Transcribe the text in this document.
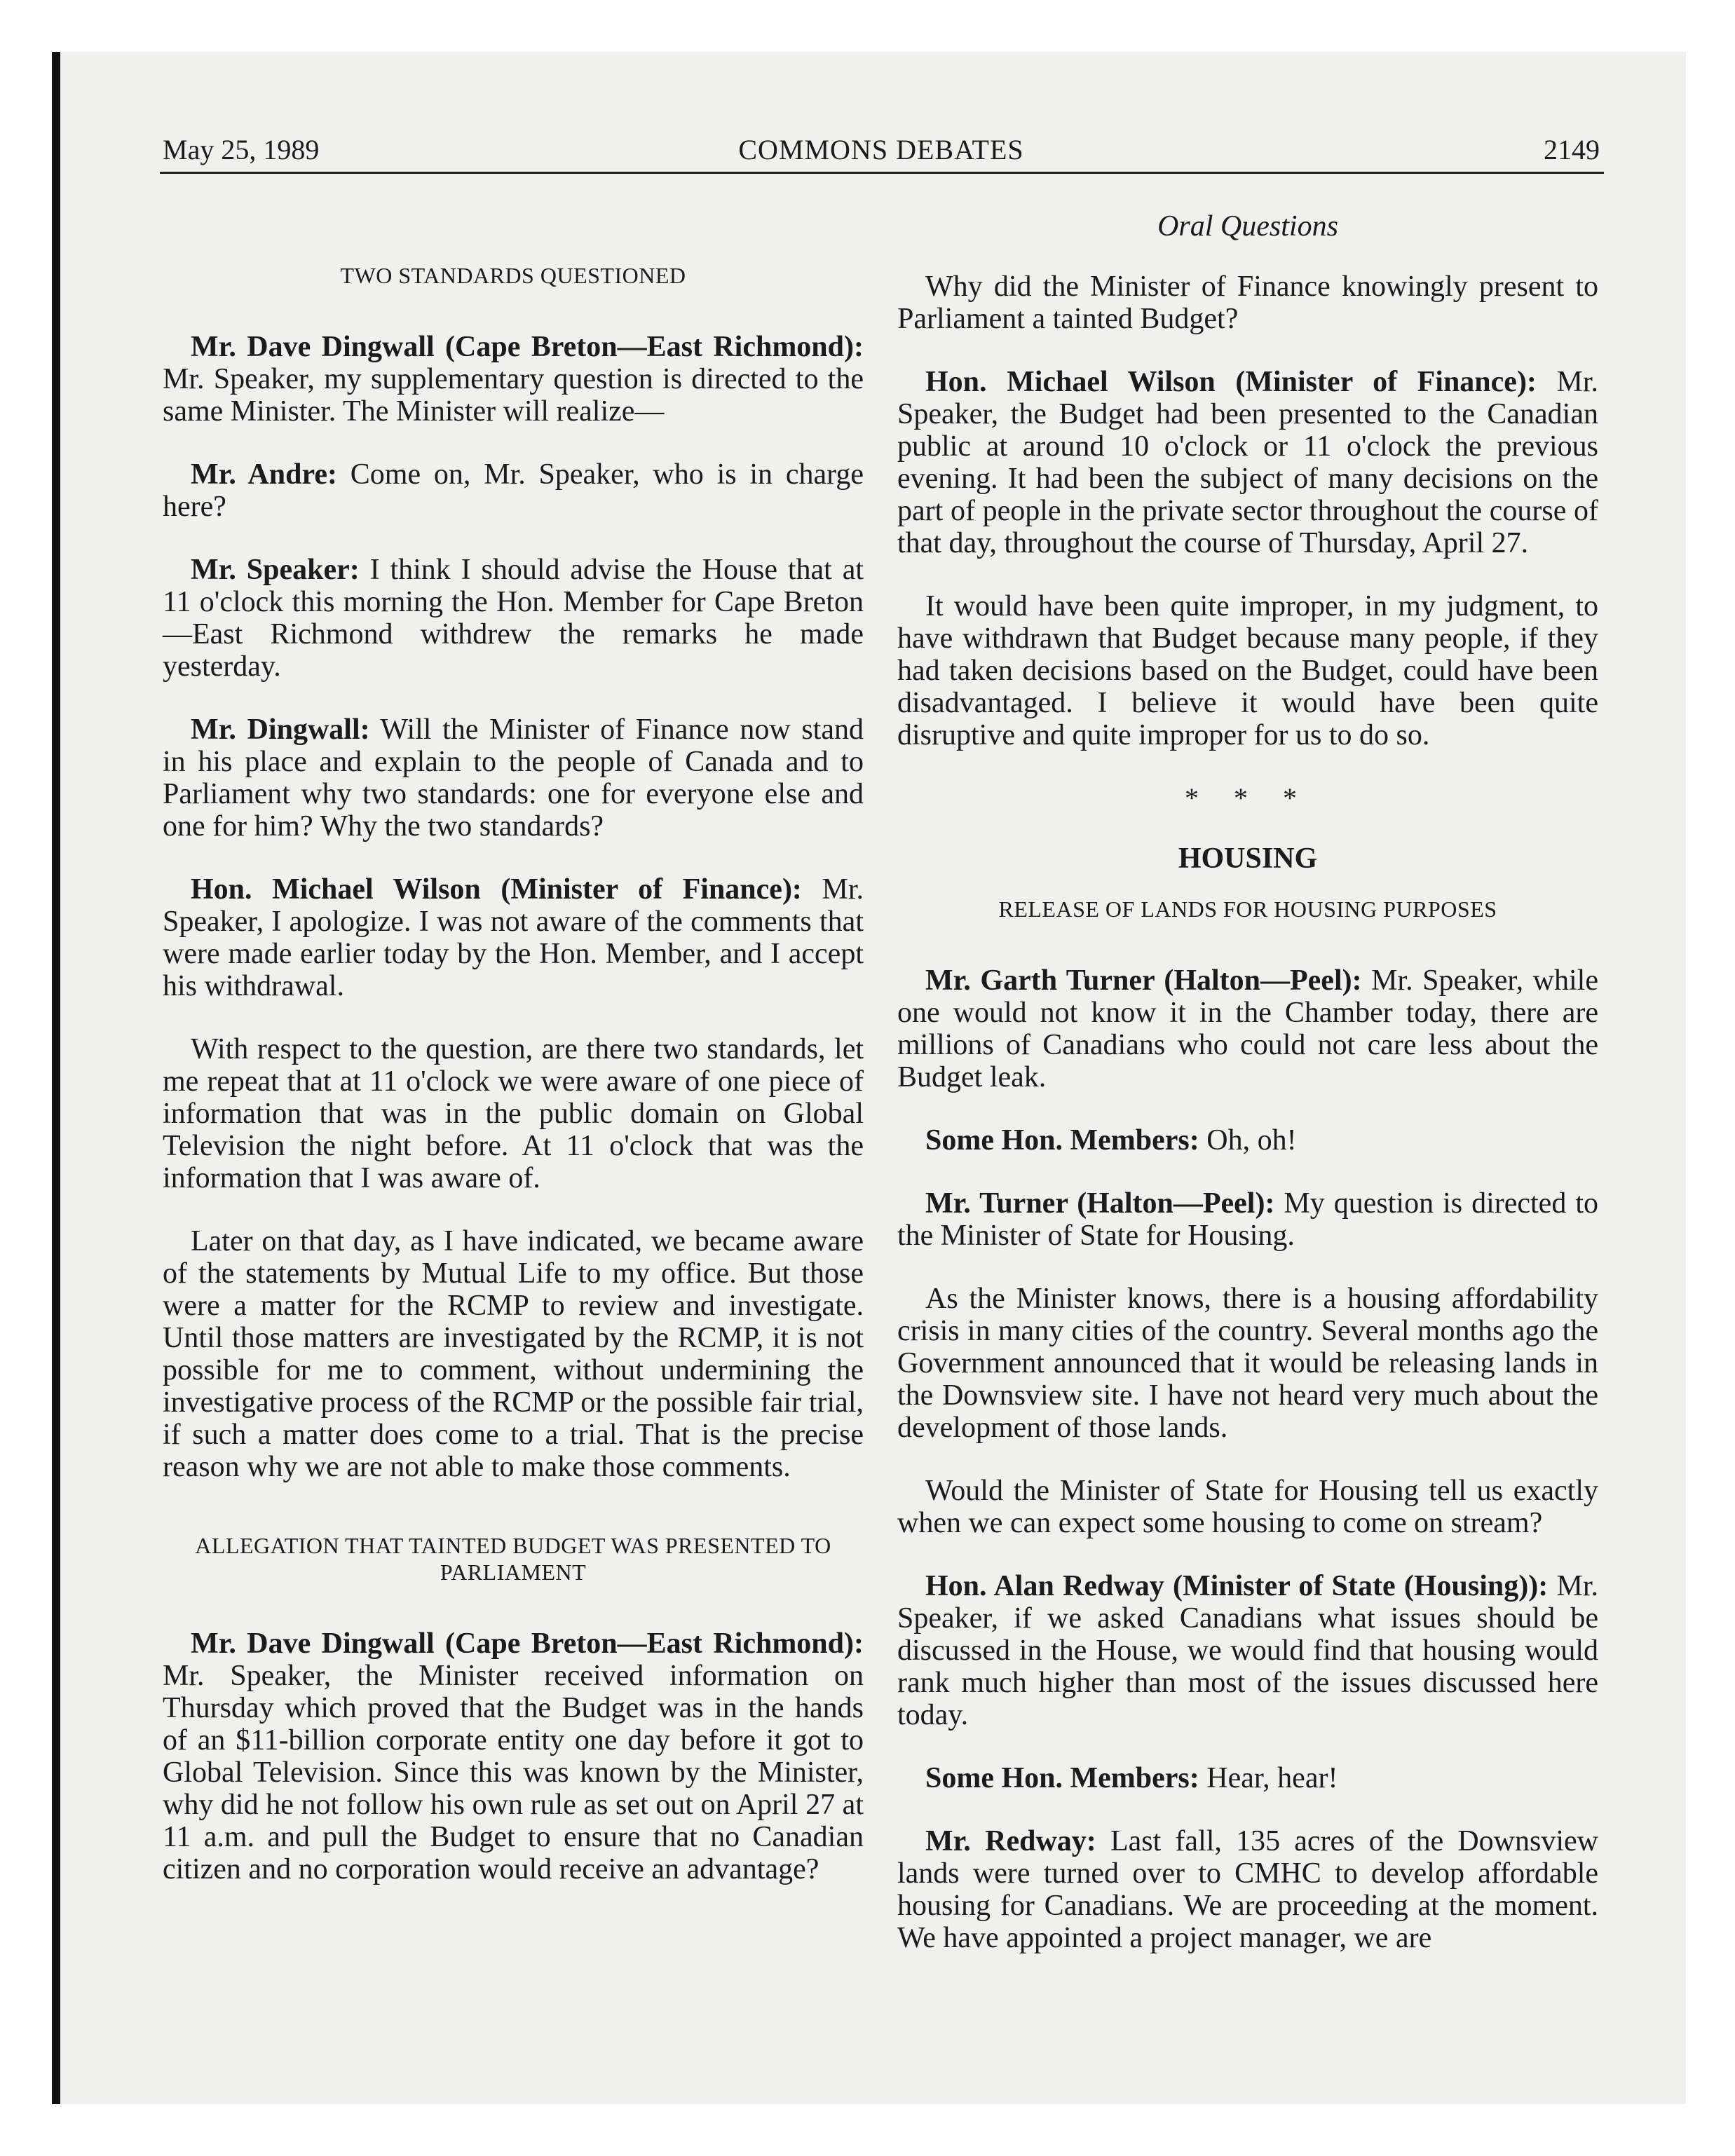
May 25, 1989	COMMONS DEBATES	2149
TWO STANDARDS QUESTIONED

Mr. Dave Dingwall (Cape Breton—East Richmond): Mr. Speaker, my supplementary question is directed to the same Minister. The Minister will realize—

Mr. Andre: Come on, Mr. Speaker, who is in charge here?

Mr. Speaker: I think I should advise the House that at 11 o'clock this morning the Hon. Member for Cape Breton—East Richmond withdrew the remarks he made yesterday.

Mr. Dingwall: Will the Minister of Finance now stand in his place and explain to the people of Canada and to Parliament why two standards: one for everyone else and one for him? Why the two standards?

Hon. Michael Wilson (Minister of Finance): Mr. Speaker, I apologize. I was not aware of the comments that were made earlier today by the Hon. Member, and I accept his withdrawal.

With respect to the question, are there two standards, let me repeat that at 11 o'clock we were aware of one piece of information that was in the public domain on Global Television the night before. At 11 o'clock that was the information that I was aware of.

Later on that day, as I have indicated, we became aware of the statements by Mutual Life to my office. But those were a matter for the RCMP to review and investigate. Until those matters are investigated by the RCMP, it is not possible for me to comment, without undermining the investigative process of the RCMP or the possible fair trial, if such a matter does come to a trial. That is the precise reason why we are not able to make those comments.

ALLEGATION THAT TAINTED BUDGET WAS PRESENTED TO PARLIAMENT

Mr. Dave Dingwall (Cape Breton—East Richmond): Mr. Speaker, the Minister received information on Thursday which proved that the Budget was in the hands of an $11-billion corporate entity one day before it got to Global Television. Since this was known by the Minister, why did he not follow his own rule as set out on April 27 at 11 a.m. and pull the Budget to ensure that no Canadian citizen and no corporation would receive an advantage?

Oral Questions

Why did the Minister of Finance knowingly present to Parliament a tainted Budget?

Hon. Michael Wilson (Minister of Finance): Mr. Speaker, the Budget had been presented to the Canadian public at around 10 o'clock or 11 o'clock the previous evening. It had been the subject of many decisions on the part of people in the private sector throughout the course of that day, throughout the course of Thursday, April 27.

It would have been quite improper, in my judgment, to have withdrawn that Budget because many people, if they had taken decisions based on the Budget, could have been disadvantaged. I believe it would have been quite disruptive and quite improper for us to do so.

* * *
HOUSING
RELEASE OF LANDS FOR HOUSING PURPOSES

Mr. Garth Turner (Halton—Peel): Mr. Speaker, while one would not know it in the Chamber today, there are millions of Canadians who could not care less about the Budget leak.

Some Hon. Members: Oh, oh!

Mr. Turner (Halton—Peel): My question is directed to the Minister of State for Housing.

As the Minister knows, there is a housing affordability crisis in many cities of the country. Several months ago the Government announced that it would be releasing lands in the Downsview site. I have not heard very much about the development of those lands.

Would the Minister of State for Housing tell us exactly when we can expect some housing to come on stream?

Hon. Alan Redway (Minister of State (Housing)): Mr. Speaker, if we asked Canadians what issues should be discussed in the House, we would find that housing would rank much higher than most of the issues discussed here today.

Some Hon. Members: Hear, hear!

Mr. Redway: Last fall, 135 acres of the Downsview lands were turned over to CMHC to develop affordable housing for Canadians. We are proceeding at the moment. We have appointed a project manager, we are
